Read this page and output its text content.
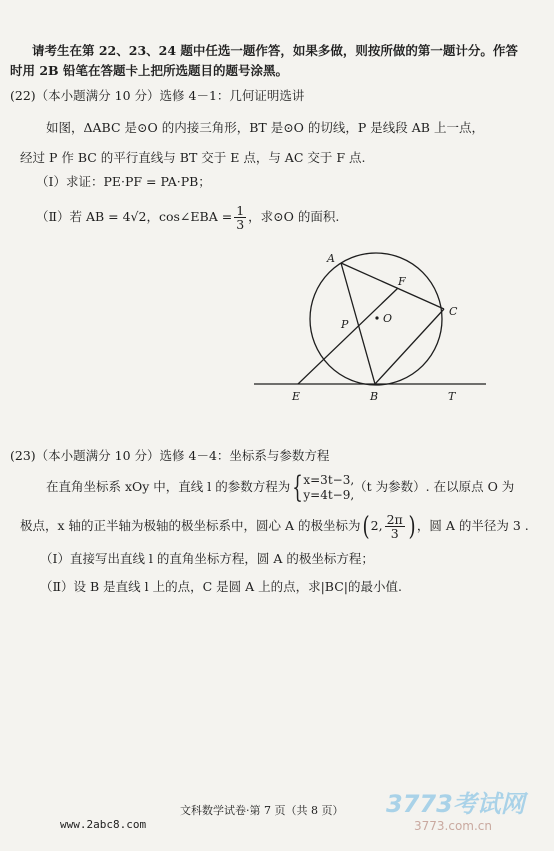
请考生在第 22、23、24 题中任选一题作答，如果多做，则按所做的第一题计分。作答
时用 2B 铅笔在答题卡上把所选题目的题号涂黑。
(22)（本小题满分 10 分）选修 4－1：几何证明选讲
如图，ΔABC 是⊙O 的内接三角形，BT 是⊙O 的切线，P 是线段 AB 上一点，
经过 P 作 BC 的平行直线与 BT 交于 E 点，与 AC 交于 F 点.
（Ⅰ）求证：PE·PF = PA·PB；
（Ⅱ）若 AB = 4√2，cos∠EBA = $\frac{1}{3}$ ，求⊙O 的面积.
A
F
C
P	O
E	B	T
(23)（本小题满分 10 分）选修 4－4：坐标系与参数方程
在直角坐标系 xOy 中，直线 l 的参数方程为{ x=3t−3,
y=4t−9,
（t 为参数）. 在以原点 O 为
极点，x 轴的正半轴为极轴的极坐标系中，圆心 A 的极坐标为( 2, $\frac{2\pi}{3}$ ) ，圆 A 的半径为 3 .
（Ⅰ）直接写出直线 l 的直角坐标方程，圆 A 的极坐标方程；
（Ⅱ）设 B 是直线 l 上的点，C 是圆 A 上的点，求|BC|的最小值.
3773考试网
文科数学试卷·第 7 页（共 8 页）
www.2abc8.com	3773.com.cn
